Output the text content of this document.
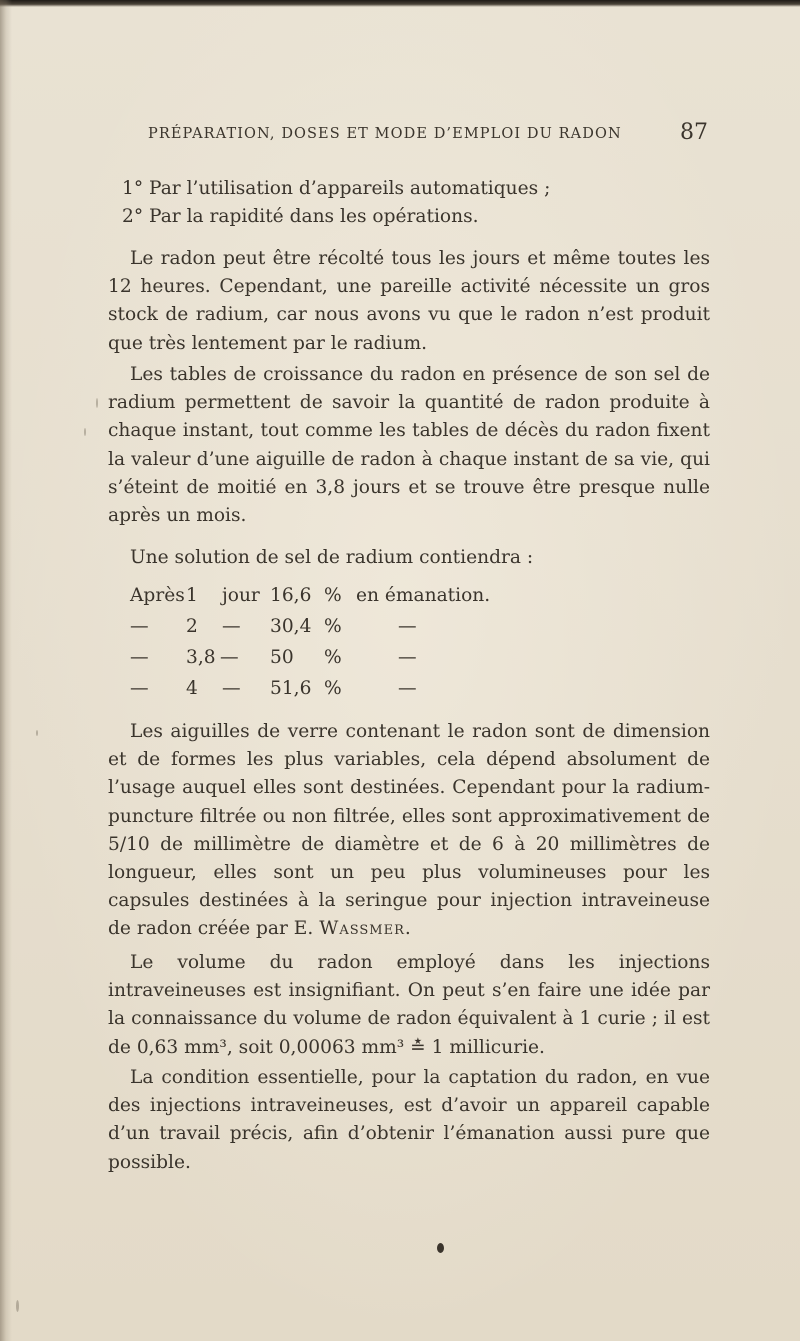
PRÉPARATION, DOSES ET MODE D’EMPLOI DU RADON	87

1° Par l’utilisation d’appareils automatiques ;

2° Par la rapidité dans les opérations.

Le radon peut être récolté tous les jours et même toutes les 12 heures. Cependant, une pareille activité nécessite un gros stock de radium, car nous avons vu que le radon n’est produit que très lentement par le radium.

Les tables de croissance du radon en présence de son sel de radium permettent de savoir la quantité de radon produite à chaque instant, tout comme les tables de décès du radon fixent la valeur d’une aiguille de radon à chaque instant de sa vie, qui s’éteint de moitié en 3,8 jours et se trouve être presque nulle après un mois.

Une solution de sel de radium contiendra :

Après 1 jour 16,6 % en émanation.
— 2 — 30,4 %	—
— 3,8 — 50 %	—
— 4 — 51,6 %	—

Les aiguilles de verre contenant le radon sont de dimension et de formes les plus variables, cela dépend absolument de l’usage auquel elles sont destinées. Cependant pour la radium-puncture filtrée ou non filtrée, elles sont approximativement de 5/10 de millimètre de diamètre et de 6 à 20 millimètres de longueur, elles sont un peu plus volumineuses pour les capsules destinées à la seringue pour injection intraveineuse de radon créée par E. Wassmer.

Le volume du radon employé dans les injections intraveineuses est insignifiant. On peut s’en faire une idée par la connaissance du volume de radon équivalent à 1 curie ; il est de 0,63 mm³, soit 0,00063 mm³ ≛ 1 millicurie.

La condition essentielle, pour la captation du radon, en vue des injections intraveineuses, est d’avoir un appareil capable d’un travail précis, afin d’obtenir l’émanation aussi pure que possible.
